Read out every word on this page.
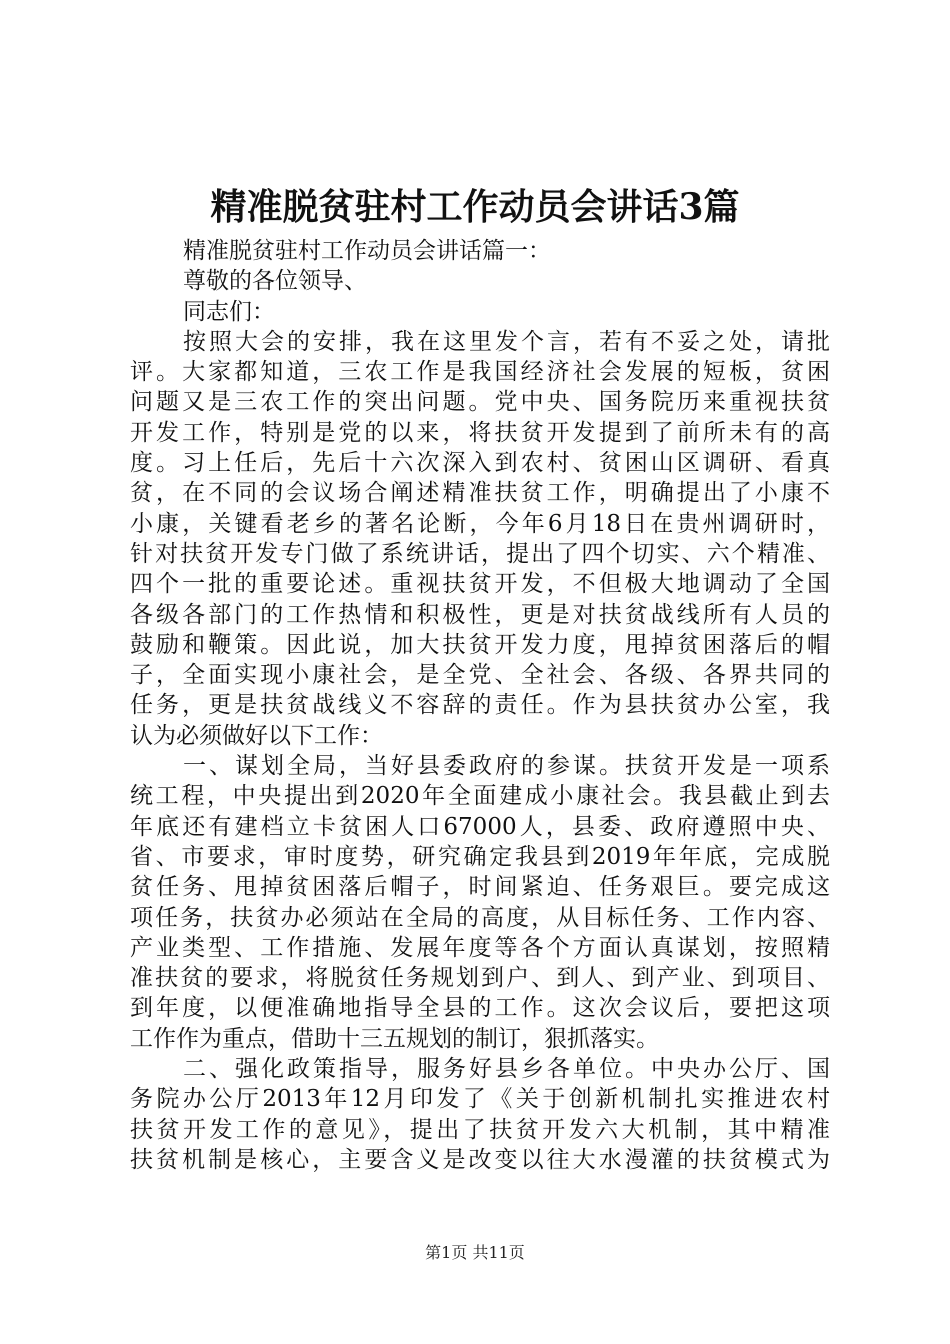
精准脱贫驻村工作动员会讲话3篇
精准脱贫驻村工作动员会讲话篇一：
尊敬的各位领导、
同志们：
按照大会的安排，我在这里发个言，若有不妥之处，请批
评。大家都知道，三农工作是我国经济社会发展的短板，贫困
问题又是三农工作的突出问题。党中央、国务院历来重视扶贫
开发工作，特别是党的以来，将扶贫开发提到了前所未有的高
度。习上任后，先后十六次深入到农村、贫困山区调研、看真
贫，在不同的会议场合阐述精准扶贫工作，明确提出了小康不
小康，关键看老乡的著名论断，今年6月18日在贵州调研时，
针对扶贫开发专门做了系统讲话，提出了四个切实、六个精准、
四个一批的重要论述。重视扶贫开发，不但极大地调动了全国
各级各部门的工作热情和积极性，更是对扶贫战线所有人员的
鼓励和鞭策。因此说，加大扶贫开发力度，甩掉贫困落后的帽
子，全面实现小康社会，是全党、全社会、各级、各界共同的
任务，更是扶贫战线义不容辞的责任。作为县扶贫办公室，我
认为必须做好以下工作：
一、谋划全局，当好县委政府的参谋。扶贫开发是一项系
统工程，中央提出到2020年全面建成小康社会。我县截止到去
年底还有建档立卡贫困人口67000人，县委、政府遵照中央、
省、市要求，审时度势，研究确定我县到2019年年底，完成脱
贫任务、甩掉贫困落后帽子，时间紧迫、任务艰巨。要完成这
项任务，扶贫办必须站在全局的高度，从目标任务、工作内容、
产业类型、工作措施、发展年度等各个方面认真谋划，按照精
准扶贫的要求，将脱贫任务规划到户、到人、到产业、到项目、
到年度，以便准确地指导全县的工作。这次会议后，要把这项
工作作为重点，借助十三五规划的制订，狠抓落实。
二、强化政策指导，服务好县乡各单位。中央办公厅、国
务院办公厅2013年12月印发了《关于创新机制扎实推进农村
扶贫开发工作的意见》，提出了扶贫开发六大机制，其中精准
扶贫机制是核心，主要含义是改变以往大水漫灌的扶贫模式为
第1页 共11页
